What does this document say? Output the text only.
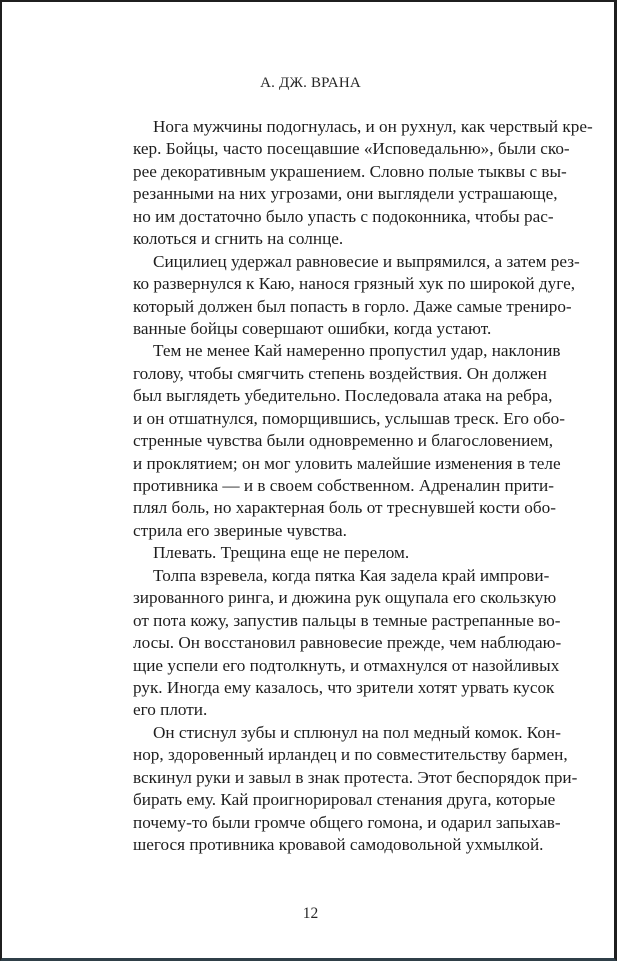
А. ДЖ. ВРАНА
Нога мужчины подогнулась, и он рухнул, как черствый кре-
кер. Бойцы, часто посещавшие «Исповедальню», были ско-
рее декоративным украшением. Словно полые тыквы с вы-
резанными на них угрозами, они выглядели устрашающе,
но им достаточно было упасть с подоконника, чтобы рас-
колоться и сгнить на солнце.
Сицилиец удержал равновесие и выпрямился, а затем рез-
ко развернулся к Каю, нанося грязный хук по широкой дуге,
который должен был попасть в горло. Даже самые трениро-
ванные бойцы совершают ошибки, когда устают.
Тем не менее Кай намеренно пропустил удар, наклонив
голову, чтобы смягчить степень воздействия. Он должен
был выглядеть убедительно. Последовала атака на ребра,
и он отшатнулся, поморщившись, услышав треск. Его обо-
стренные чувства были одновременно и благословением,
и проклятием; он мог уловить малейшие изменения в теле
противника — и в своем собственном. Адреналин прити-
плял боль, но характерная боль от треснувшей кости обо-
стрила его звериные чувства.
Плевать. Трещина еще не перелом.
Толпа взревела, когда пятка Кая задела край импрови-
зированного ринга, и дюжина рук ощупала его скользкую
от пота кожу, запустив пальцы в темные растрепанные во-
лосы. Он восстановил равновесие прежде, чем наблюдаю-
щие успели его подтолкнуть, и отмахнулся от назойливых
рук. Иногда ему казалось, что зрители хотят урвать кусок
его плоти.
Он стиснул зубы и сплюнул на пол медный комок. Кон-
нор, здоровенный ирландец и по совместительству бармен,
вскинул руки и завыл в знак протеста. Этот беспорядок при-
бирать ему. Кай проигнорировал стенания друга, которые
почему-то были громче общего гомона, и одарил запыхав-
шегося противника кровавой самодовольной ухмылкой.
12
